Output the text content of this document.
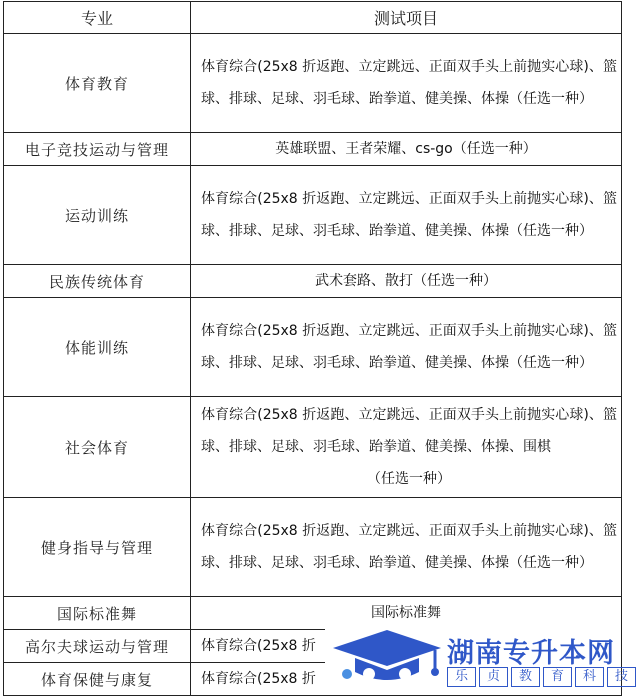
专业	测试项目
体育教育	体育综合(25x8 折返跑、立定跳远、正面双手头上前抛实心球)、篮球、排球、足球、羽毛球、跆拳道、健美操、体操（任选一种）
电子竞技运动与管理	英雄联盟、王者荣耀、cs-go（任选一种）
运动训练	体育综合(25x8 折返跑、立定跳远、正面双手头上前抛实心球)、篮球、排球、足球、羽毛球、跆拳道、健美操、体操（任选一种）
民族传统体育	武术套路、散打（任选一种）
体能训练	体育综合(25x8 折返跑、立定跳远、正面双手头上前抛实心球)、篮球、排球、足球、羽毛球、跆拳道、健美操、体操（任选一种）
社会体育	体育综合(25x8 折返跑、立定跳远、正面双手头上前抛实心球)、篮球、排球、足球、羽毛球、跆拳道、健美操、体操、围棋
（任选一种）

健身指导与管理	体育综合(25x8 折返跑、立定跳远、正面双手头上前抛实心球)、篮球、排球、足球、羽毛球、跆拳道、健美操、体操（任选一种）
国际标准舞	国际标准舞
高尔夫球运动与管理	体育综合(25x8 折
体育保健与康复	体育综合(25x8 折
湖南专升本网
乐	贞	教	育	科	技
